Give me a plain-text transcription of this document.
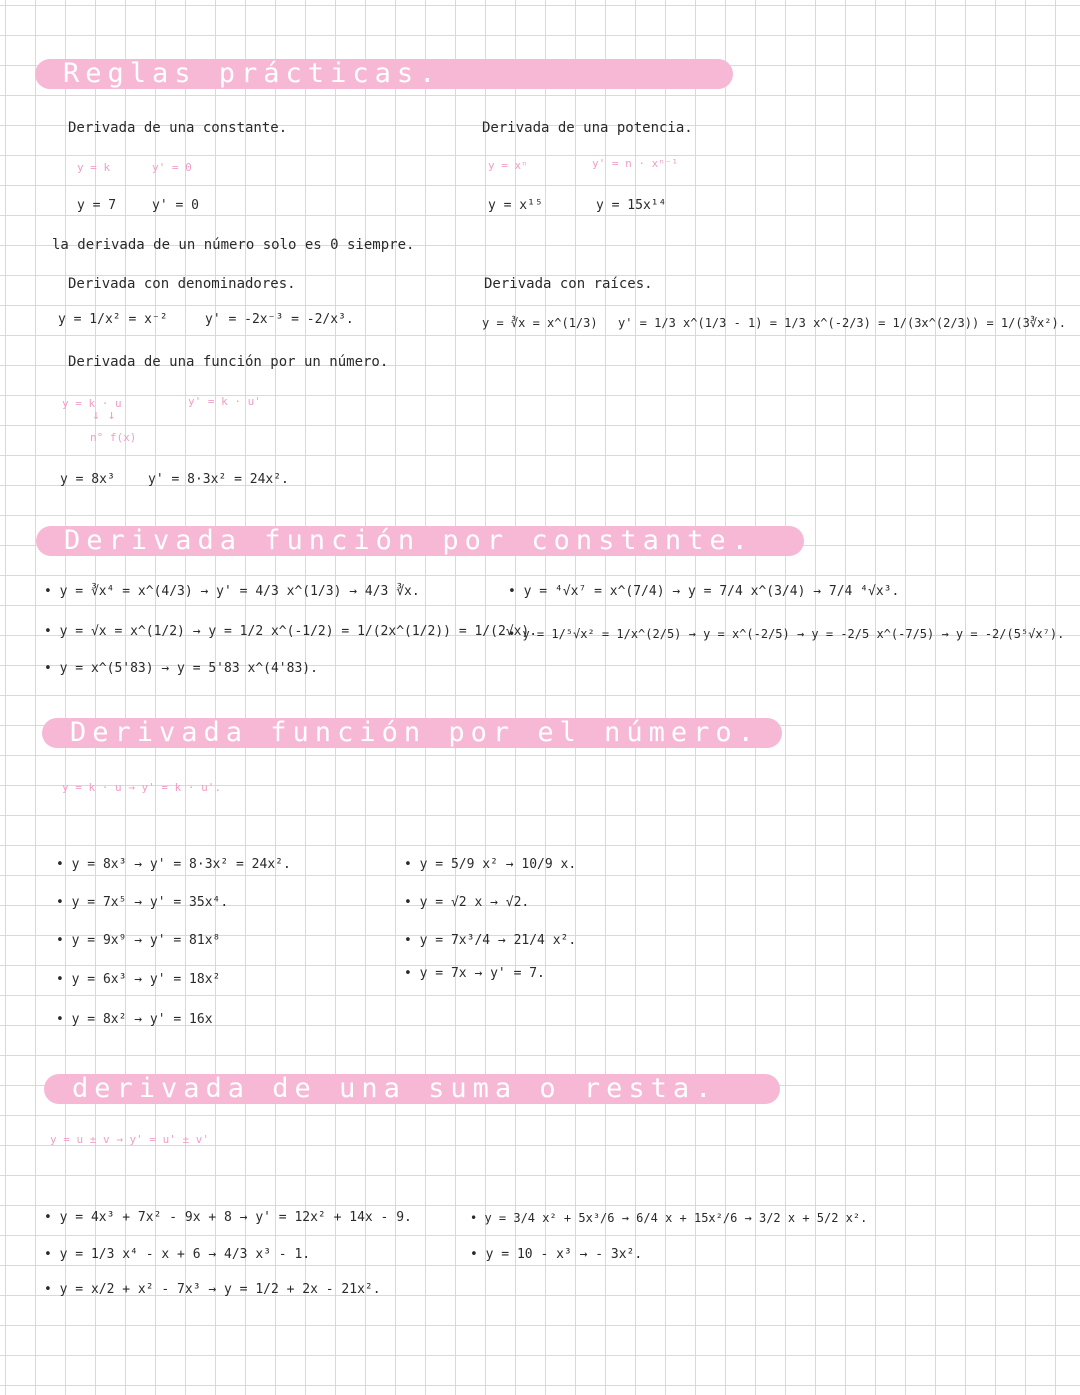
Reglas prácticas.
Derivada función por constante.
Derivada función por el número.
derivada de una suma o resta.
Derivada de una constante.
y = k	y' = 0
y = 7	y' = 0
la derivada de un número solo es 0 siempre.
Derivada con denominadores.
y = 1/x² = x⁻²	y' = -2x⁻³ = -2/x³.
Derivada de una función por un número.
y = k · u	y' = k · u'
↓ ↓
n° f(x)
y = 8x³	y' = 8·3x² = 24x².
Derivada de una potencia.
y = xⁿ	y' = n · xⁿ⁻¹
y = x¹⁵	y = 15x¹⁴
Derivada con raíces.
y = ∛x = x^(1/3) y' = 1/3 x^(1/3 - 1) = 1/3 x^(-2/3) = 1/(3x^(2/3)) = 1/(3∛x²).
• y = ∛x⁴ = x^(4/3) → y' = 4/3 x^(1/3) → 4/3 ∛x.
• y = √x = x^(1/2) → y = 1/2 x^(-1/2) = 1/(2x^(1/2)) = 1/(2√x).
• y = x^(5'83) → y = 5'83 x^(4'83).
• y = ⁴√x⁷ = x^(7/4) → y = 7/4 x^(3/4) → 7/4 ⁴√x³.
• y = 1/⁵√x² = 1/x^(2/5) → y = x^(-2/5) → y = -2/5 x^(-7/5) → y = -2/(5⁵√x⁷).
y = k · u → y' = k · u'.
• y = 8x³ → y' = 8·3x² = 24x².
• y = 7x⁵ → y' = 35x⁴.
• y = 9x⁹ → y' = 81x⁸
• y = 6x³ → y' = 18x²
• y = 8x² → y' = 16x
• y = 5/9 x² → 10/9 x.
• y = √2 x → √2.
• y = 7x³/4 → 21/4 x².
• y = 7x → y' = 7.
y = u ± v → y' = u' ± v'
• y = 4x³ + 7x² - 9x + 8 → y' = 12x² + 14x - 9.
• y = 1/3 x⁴ - x + 6 → 4/3 x³ - 1.
• y = x/2 + x² - 7x³ → y = 1/2 + 2x - 21x².
• y = 3/4 x² + 5x³/6 → 6/4 x + 15x²/6 → 3/2 x + 5/2 x².
• y = 10 - x³ → - 3x².
